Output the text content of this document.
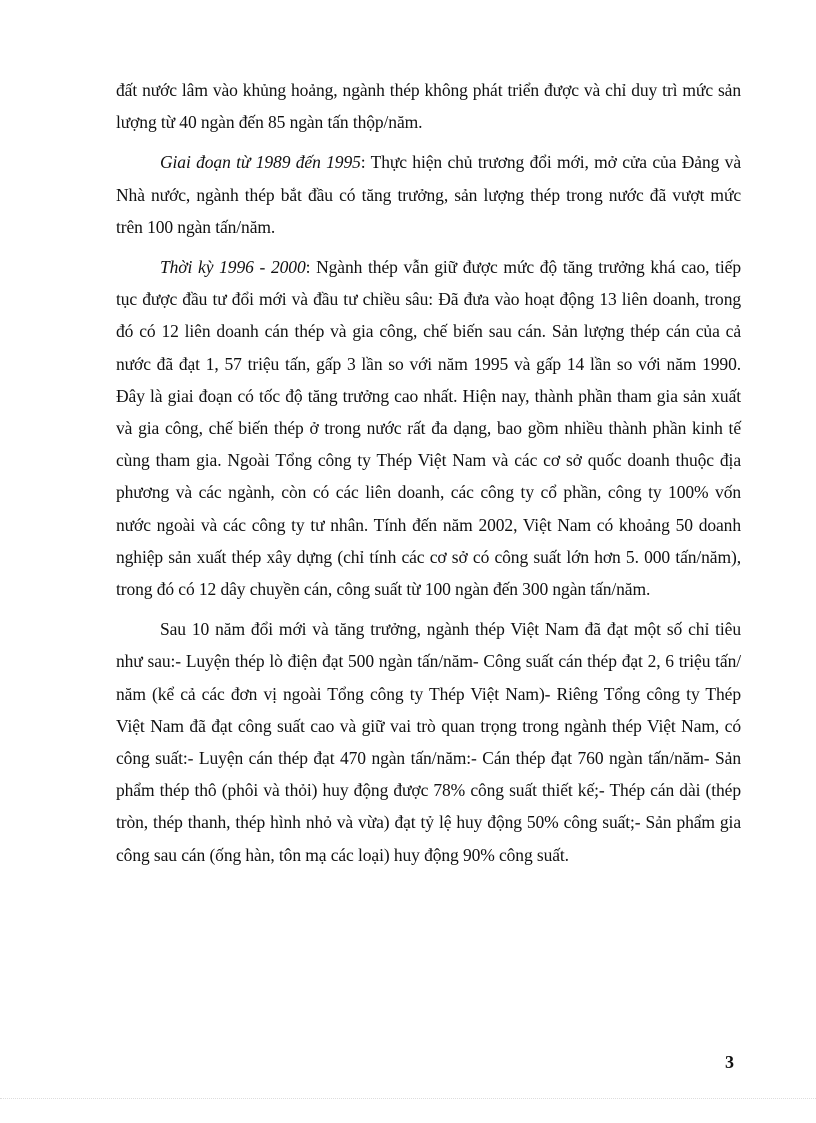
đất nước lâm vào khủng hoảng, ngành thép không phát triển được và chỉ duy trì mức sản lượng từ 40 ngàn đến 85 ngàn tấn thộp/năm.

Giai đoạn từ 1989 đến 1995: Thực hiện chủ trương đổi mới, mở cửa của Đảng và Nhà nước, ngành thép bắt đầu có tăng trưởng, sản lượng thép trong nước đã vượt mức trên 100 ngàn tấn/năm.

Thời kỳ 1996 - 2000: Ngành thép vẫn giữ được mức độ tăng trưởng khá cao, tiếp tục được đầu tư đổi mới và đầu tư chiều sâu: Đã đưa vào hoạt động 13 liên doanh, trong đó có 12 liên doanh cán thép và gia công, chế biến sau cán. Sản lượng thép cán của cả nước đã đạt 1, 57 triệu tấn, gấp 3 lần so với năm 1995 và gấp 14 lần so với năm 1990. Đây là giai đoạn có tốc độ tăng trưởng cao nhất. Hiện nay, thành phần tham gia sản xuất và gia công, chế biến thép ở trong nước rất đa dạng, bao gồm nhiều thành phần kinh tế cùng tham gia. Ngoài Tổng công ty Thép Việt Nam và các cơ sở quốc doanh thuộc địa phương và các ngành, còn có các liên doanh, các công ty cổ phần, công ty 100% vốn nước ngoài và các công ty tư nhân. Tính đến năm 2002, Việt Nam có khoảng 50 doanh nghiệp sản xuất thép xây dựng (chỉ tính các cơ sở có công suất lớn hơn 5. 000 tấn/năm), trong đó có 12 dây chuyền cán, công suất từ 100 ngàn đến 300 ngàn tấn/năm.

Sau 10 năm đổi mới và tăng trưởng, ngành thép Việt Nam đã đạt một số chỉ tiêu như sau:- Luyện thép lò điện đạt 500 ngàn tấn/năm- Công suất cán thép đạt 2, 6 triệu tấn/ năm (kể cả các đơn vị ngoài Tổng công ty Thép Việt Nam)- Riêng Tổng công ty Thép Việt Nam đã đạt công suất cao và giữ vai trò quan trọng trong ngành thép Việt Nam, có công suất:- Luyện cán thép đạt 470 ngàn tấn/năm:- Cán thép đạt 760 ngàn tấn/năm- Sản phẩm thép thô (phôi và thỏi) huy động được 78% công suất thiết kế;- Thép cán dài (thép tròn, thép thanh, thép hình nhỏ và vừa) đạt tỷ lệ huy động 50% công suất;- Sản phẩm gia công sau cán (ống hàn, tôn mạ các loại) huy động 90% công suất.

3
